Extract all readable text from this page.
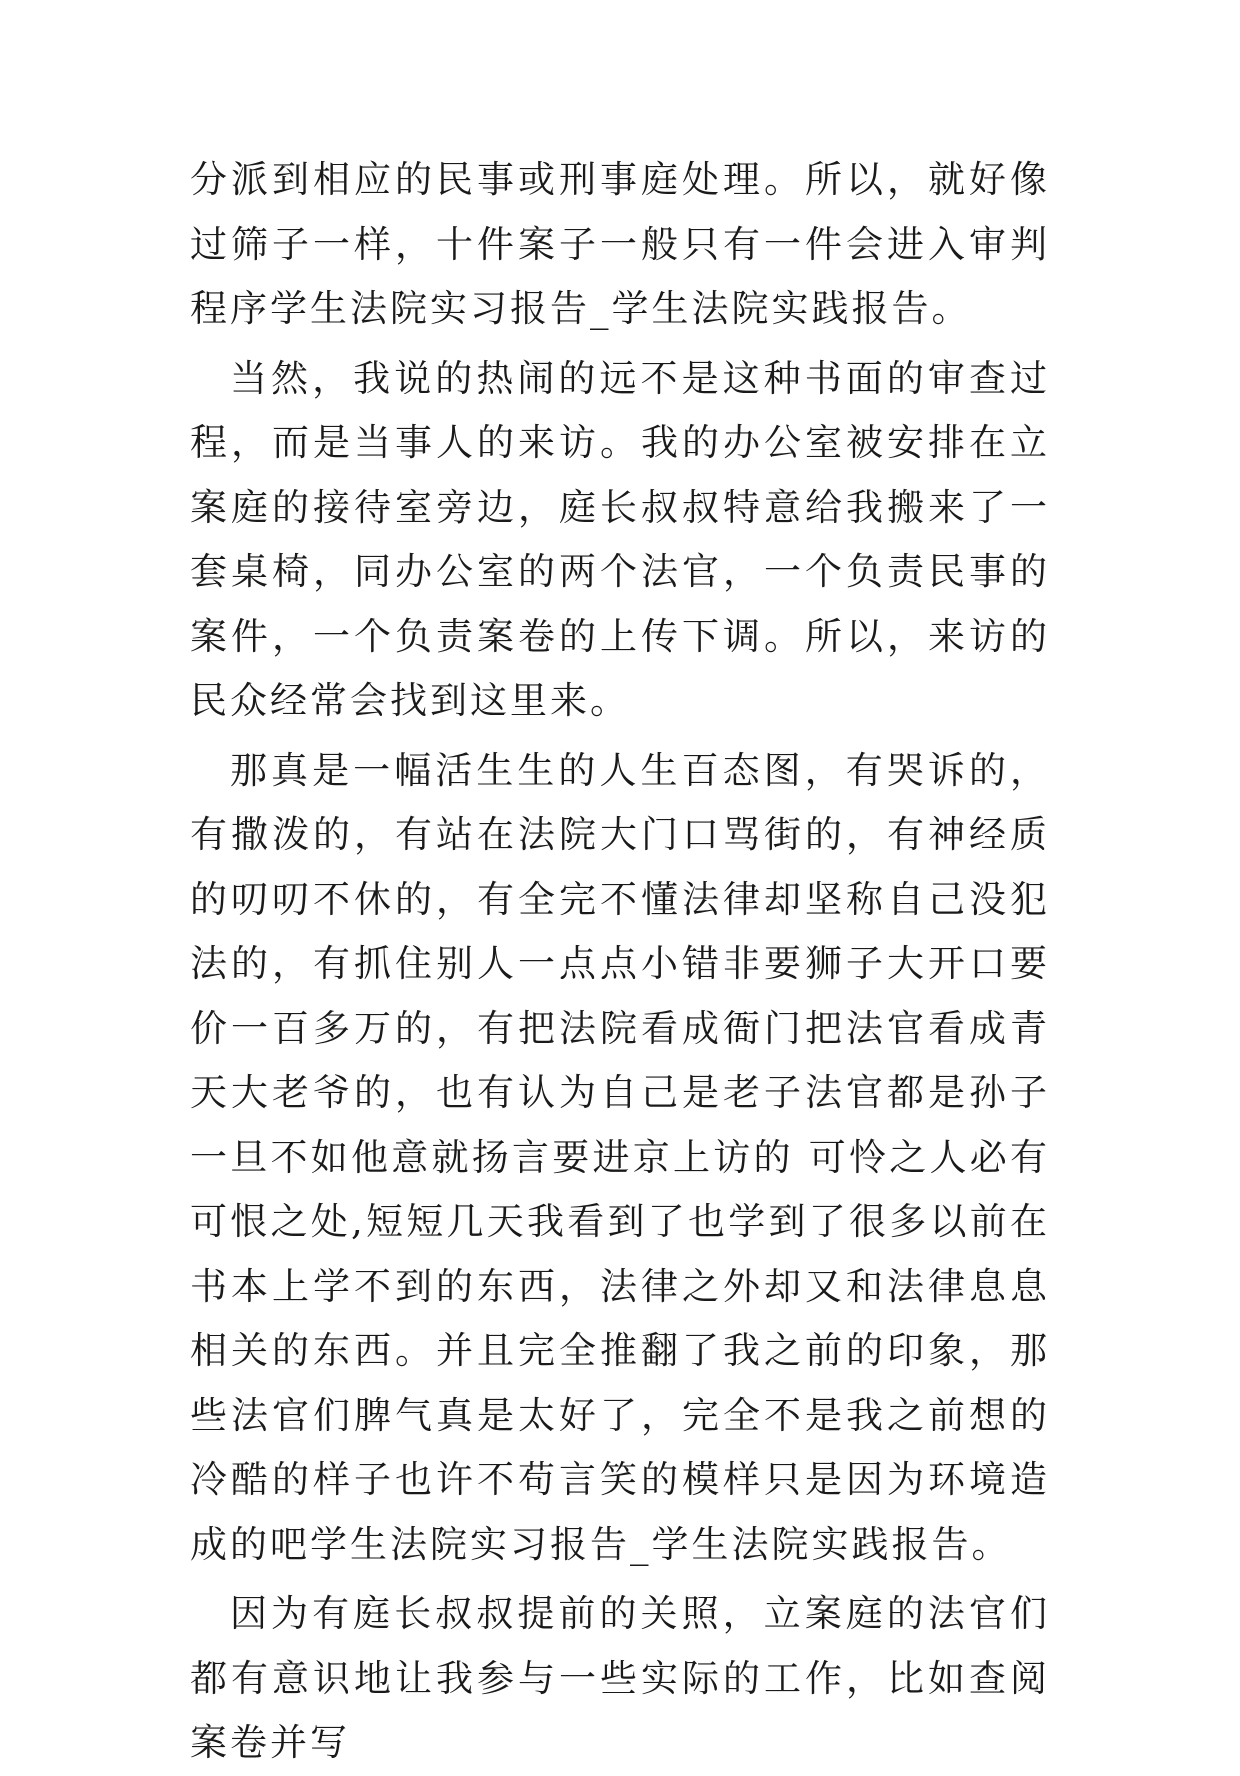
分派到相应的民事或刑事庭处理。所以，就好像过筛子一样，十件案子一般只有一件会进入审判程序学生法院实习报告_学生法院实践报告。

当然，我说的热闹的远不是这种书面的审查过程，而是当事人的来访。我的办公室被安排在立案庭的接待室旁边，庭长叔叔特意给我搬来了一套桌椅，同办公室的两个法官，一个负责民事的案件，一个负责案卷的上传下调。所以，来访的民众经常会找到这里来。

那真是一幅活生生的人生百态图，有哭诉的，有撒泼的，有站在法院大门口骂街的，有神经质的叨叨不休的，有全完不懂法律却坚称自己没犯法的，有抓住别人一点点小错非要狮子大开口要价一百多万的，有把法院看成衙门把法官看成青天大老爷的，也有认为自己是老子法官都是孙子一旦不如他意就扬言要进京上访的 可怜之人必有可恨之处,短短几天我看到了也学到了很多以前在书本上学不到的东西，法律之外却又和法律息息相关的东西。并且完全推翻了我之前的印象，那些法官们脾气真是太好了，完全不是我之前想的冷酷的样子也许不苟言笑的模样只是因为环境造成的吧学生法院实习报告_学生法院实践报告。

因为有庭长叔叔提前的关照，立案庭的法官们都有意识地让我参与一些实际的工作，比如查阅案卷并写
